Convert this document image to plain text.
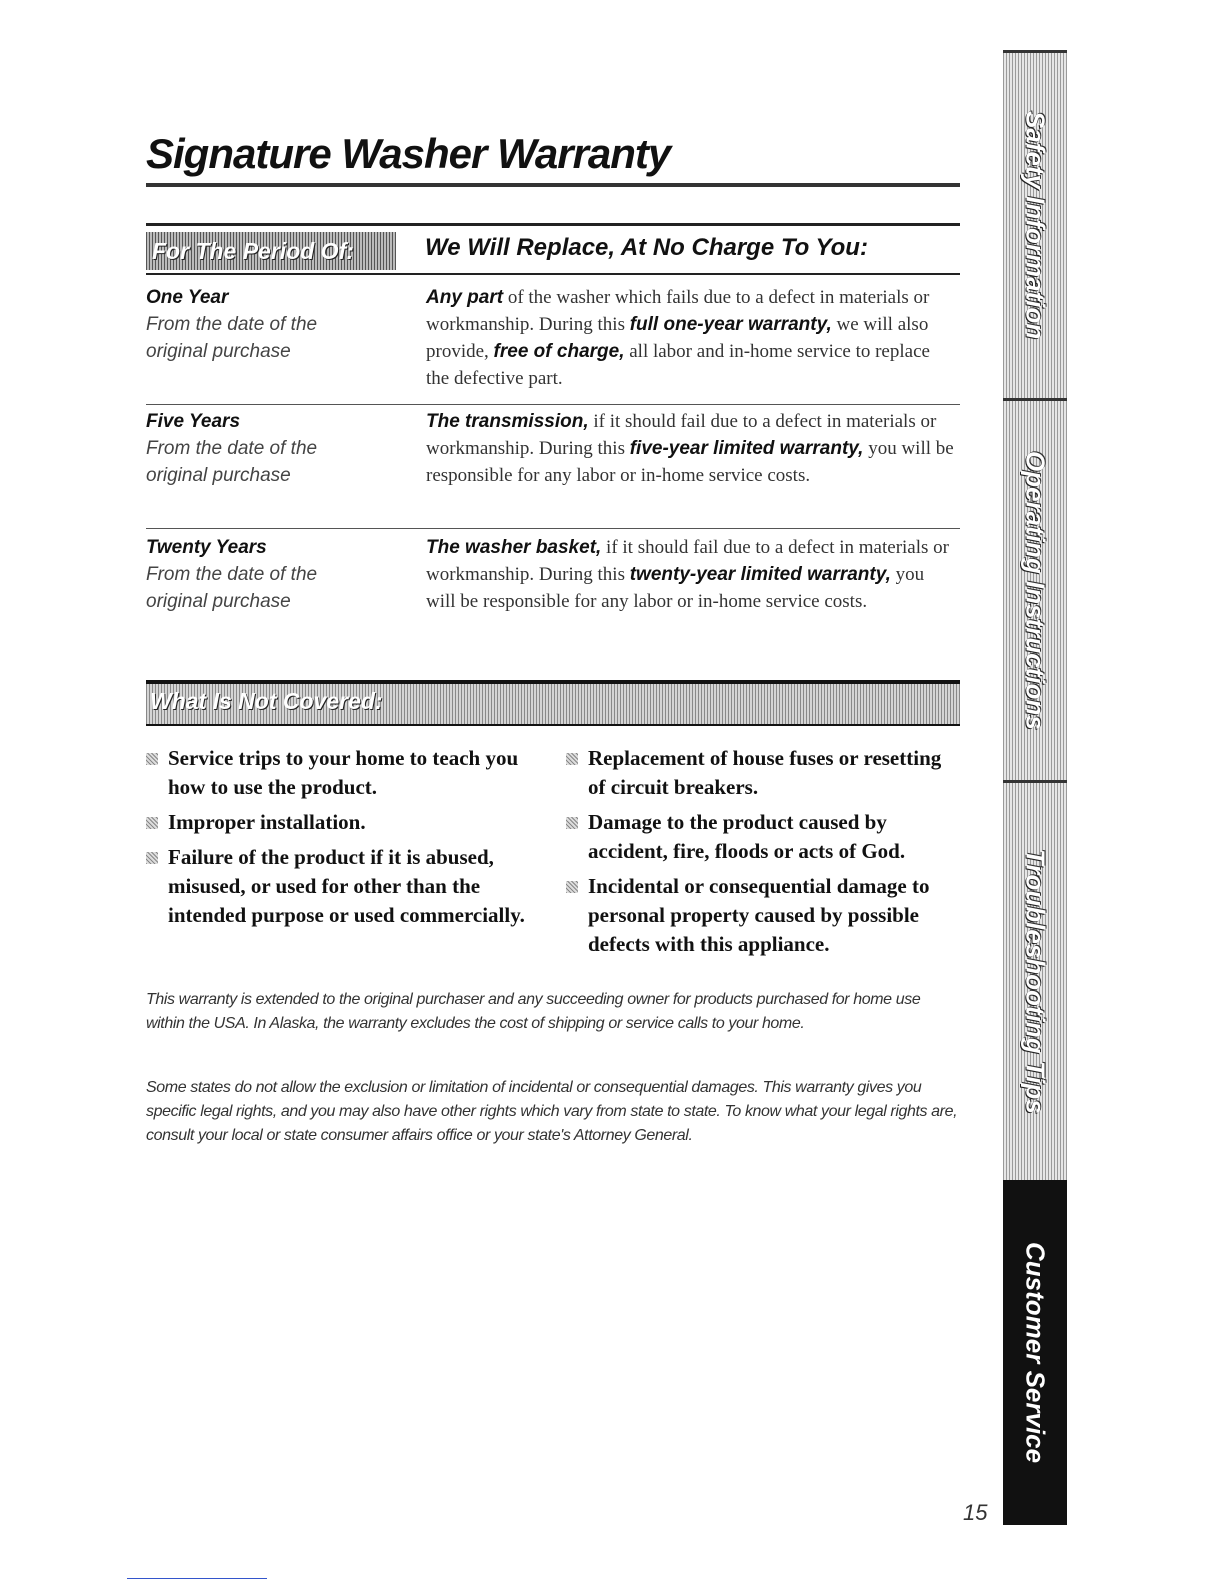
Signature Washer Warranty
For The Period Of:	We Will Replace, At No Charge To You:
One Year
From the date of the
original purchase
Any part of the washer which fails due to a defect in materials or workmanship. During this full one-year warranty, we will also provide, free of charge, all labor and in-home service to replace the defective part.
Five Years
From the date of the
original purchase
The transmission, if it should fail due to a defect in materials or workmanship. During this five-year limited warranty, you will be responsible for any labor or in-home service costs.
Twenty Years
From the date of the
original purchase
The washer basket, if it should fail due to a defect in materials or workmanship. During this twenty-year limited warranty, you will be responsible for any labor or in-home service costs.
What Is Not Covered:
Service trips to your home to teach you how to use the product.
Improper installation.
Failure of the product if it is abused, misused, or used for other than the intended purpose or used commercially.
Replacement of house fuses or resetting of circuit breakers.
Damage to the product caused by accident, fire, floods or acts of God.
Incidental or consequential damage to personal property caused by possible defects with this appliance.
This warranty is extended to the original purchaser and any succeeding owner for products purchased for home use within the USA. In Alaska, the warranty excludes the cost of shipping or service calls to your home.
Some states do not allow the exclusion or limitation of incidental or consequential damages. This warranty gives you specific legal rights, and you may also have other rights which vary from state to state. To know what your legal rights are, consult your local or state consumer affairs office or your state's Attorney General.
15
Safety Information
Operating Instructions
Troubleshooting Tips
Customer Service
